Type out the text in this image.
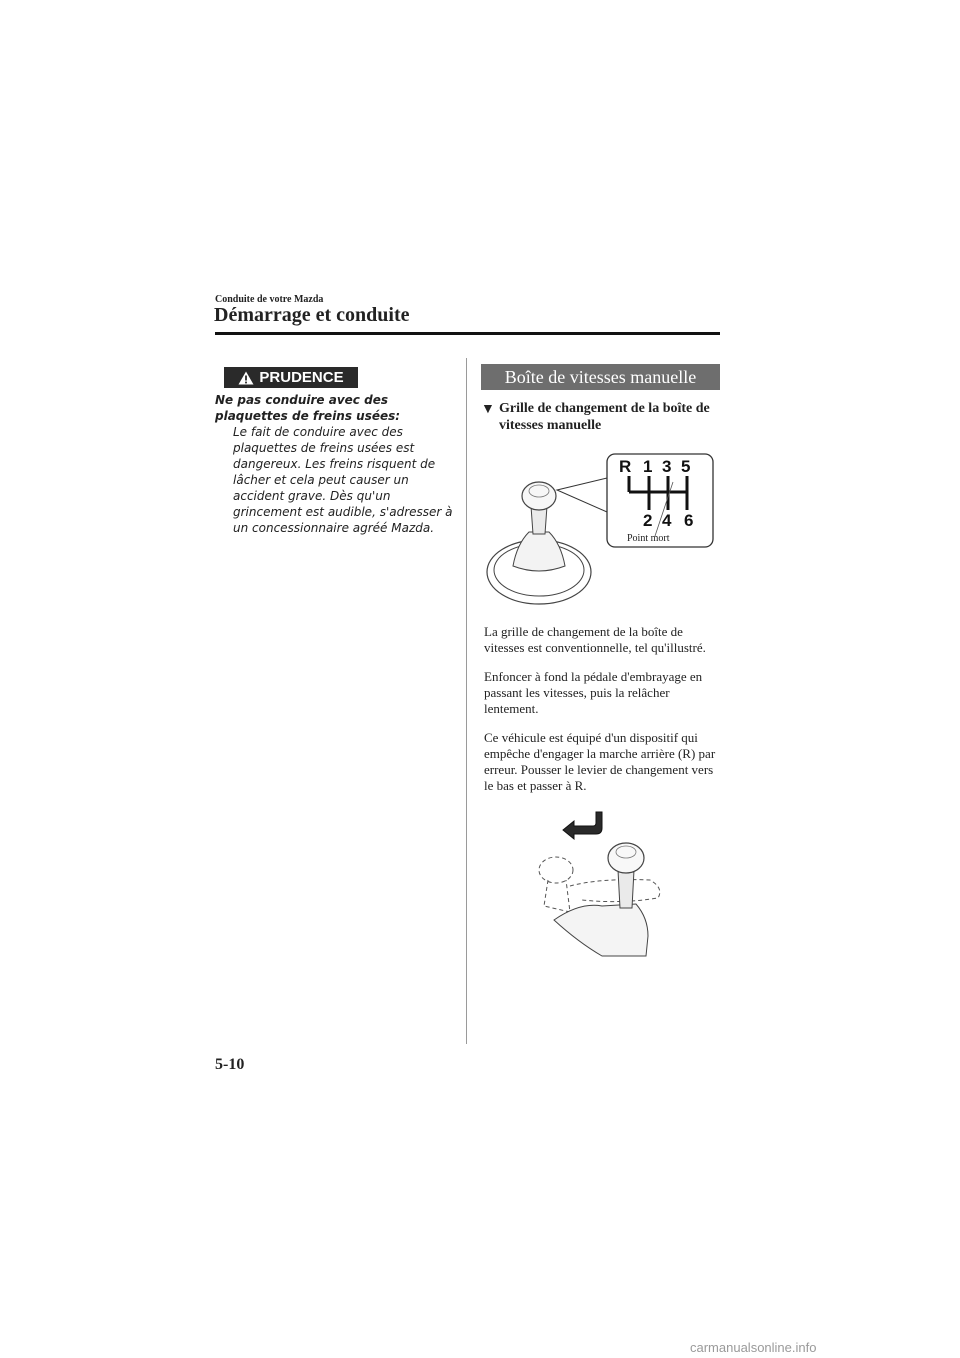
Conduite de votre Mazda
Démarrage et conduite
PRUDENCE
Ne pas conduire avec des plaquettes de freins usées:
Le fait de conduire avec des plaquettes de freins usées est dangereux. Les freins risquent de lâcher et cela peut causer un accident grave. Dès qu'un grincement est audible, s'adresser à un concessionnaire agréé Mazda.
Boîte de vitesses manuelle
▼ Grille de changement de la boîte de vitesses manuelle
R 1 3 5
2 4 6
Point mort
La grille de changement de la boîte de vitesses est conventionnelle, tel qu'illustré.
Enfoncer à fond la pédale d'embrayage en passant les vitesses, puis la relâcher lentement.
Ce véhicule est équipé d'un dispositif qui empêche d'engager la marche arrière (R) par erreur. Pousser le levier de changement vers le bas et passer à R.
5-10
carmanualsonline.info
